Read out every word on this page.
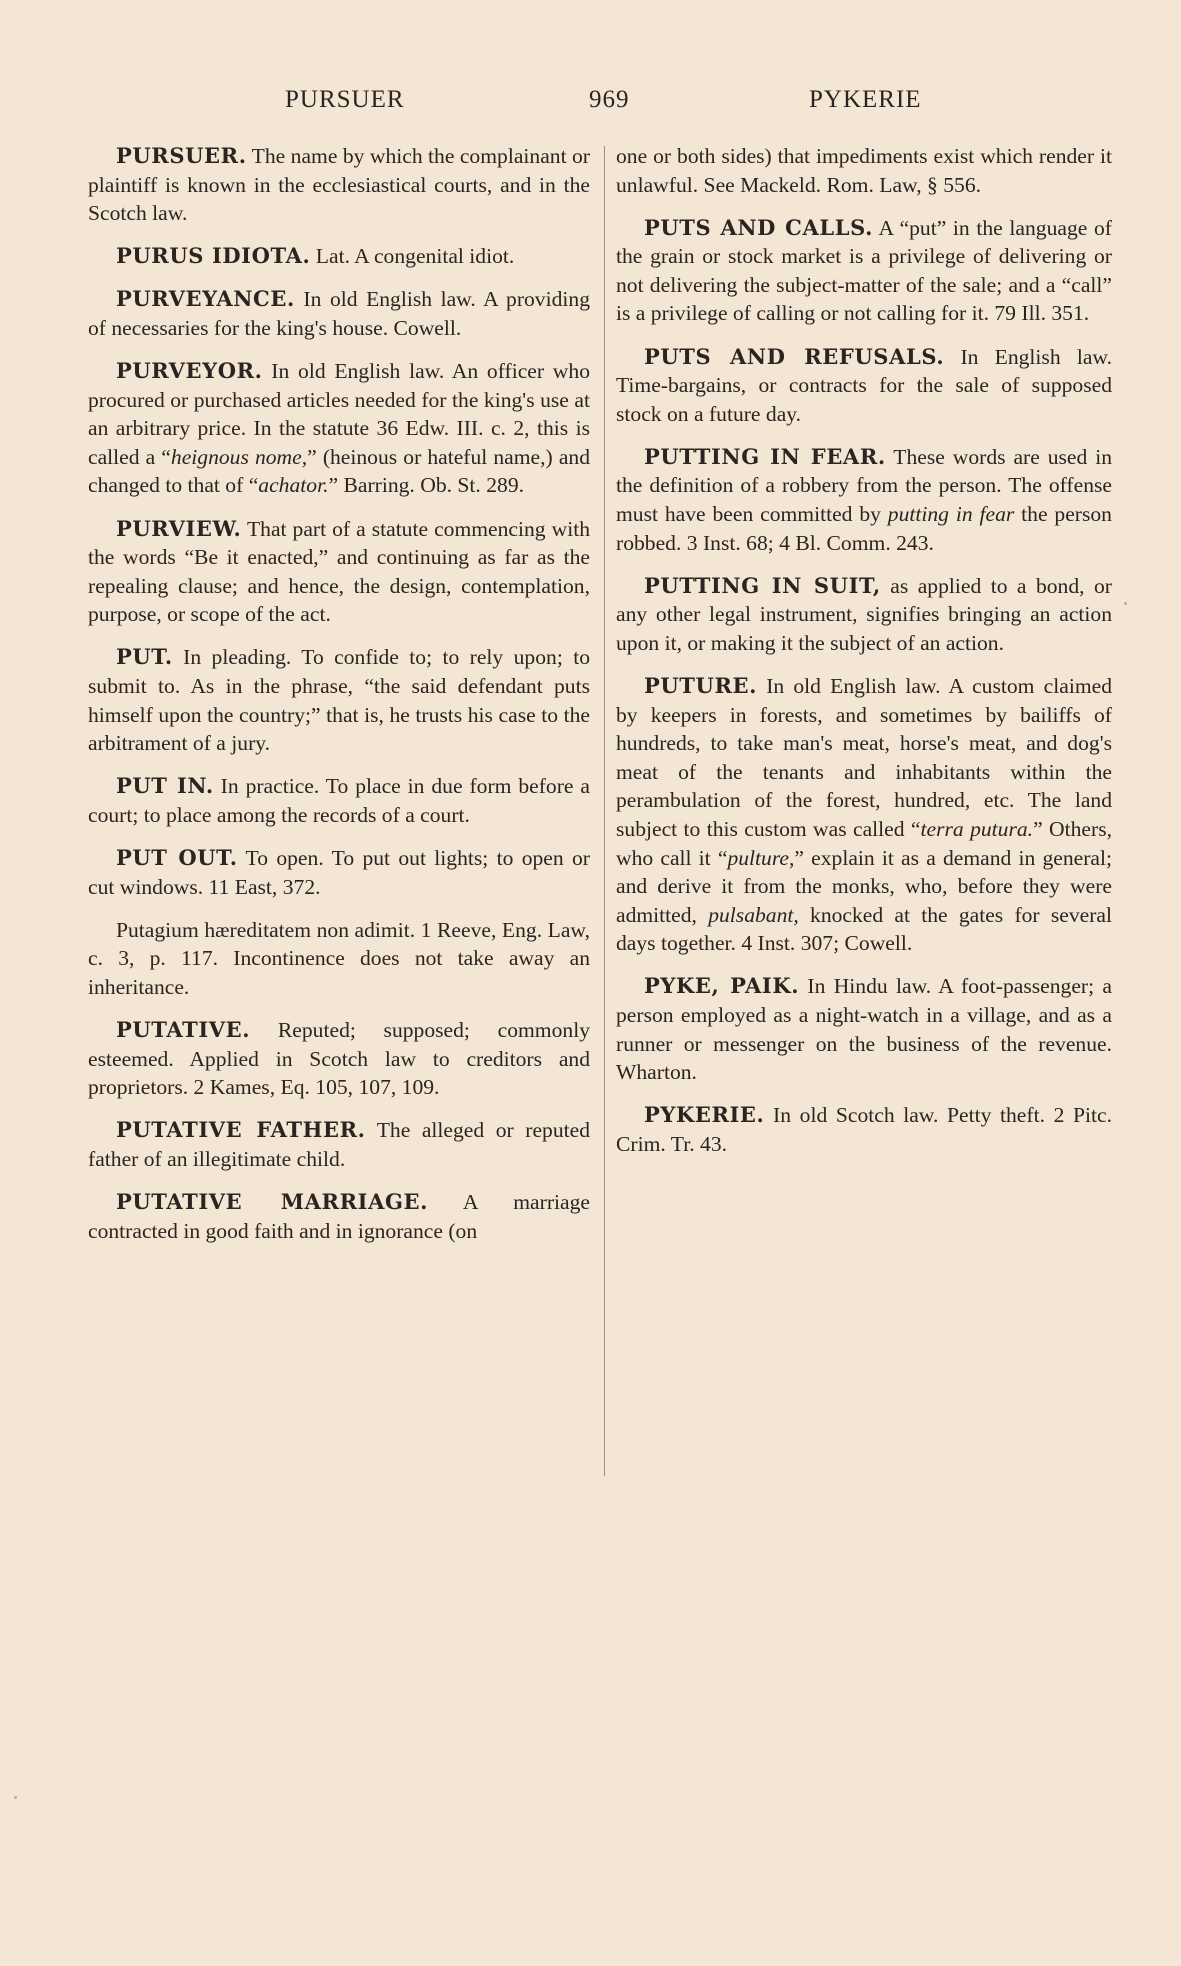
PURSUER	969	PYKERIE

PURSUER. The name by which the complainant or plaintiff is known in the ecclesiastical courts, and in the Scotch law.

PURUS IDIOTA. Lat. A congenital idiot.

PURVEYANCE. In old English law. A providing of necessaries for the king's house. Cowell.

PURVEYOR. In old English law. An officer who procured or purchased articles needed for the king's use at an arbitrary price. In the statute 36 Edw. III. c. 2, this is called a “heignous nome,” (heinous or hateful name,) and changed to that of “achator.” Barring. Ob. St. 289.

PURVIEW. That part of a statute commencing with the words “Be it enacted,” and continuing as far as the repealing clause; and hence, the design, contemplation, purpose, or scope of the act.

PUT. In pleading. To confide to; to rely upon; to submit to. As in the phrase, “the said defendant puts himself upon the country;” that is, he trusts his case to the arbitrament of a jury.

PUT IN. In practice. To place in due form before a court; to place among the records of a court.

PUT OUT. To open. To put out lights; to open or cut windows. 11 East, 372.

Putagium hæreditatem non adimit. 1 Reeve, Eng. Law, c. 3, p. 117. Incontinence does not take away an inheritance.

PUTATIVE. Reputed; supposed; commonly esteemed. Applied in Scotch law to creditors and proprietors. 2 Kames, Eq. 105, 107, 109.

PUTATIVE FATHER. The alleged or reputed father of an illegitimate child.

PUTATIVE MARRIAGE. A marriage contracted in good faith and in ignorance (on

one or both sides) that impediments exist which render it unlawful. See Mackeld. Rom. Law, § 556.

PUTS AND CALLS. A “put” in the language of the grain or stock market is a privilege of delivering or not delivering the subject-matter of the sale; and a “call” is a privilege of calling or not calling for it. 79 Ill. 351.

PUTS AND REFUSALS. In English law. Time-bargains, or contracts for the sale of supposed stock on a future day.

PUTTING IN FEAR. These words are used in the definition of a robbery from the person. The offense must have been committed by putting in fear the person robbed. 3 Inst. 68; 4 Bl. Comm. 243.

PUTTING IN SUIT, as applied to a bond, or any other legal instrument, signifies bringing an action upon it, or making it the subject of an action.

PUTURE. In old English law. A custom claimed by keepers in forests, and sometimes by bailiffs of hundreds, to take man's meat, horse's meat, and dog's meat of the tenants and inhabitants within the perambulation of the forest, hundred, etc. The land subject to this custom was called “terra putura.” Others, who call it “pulture,” explain it as a demand in general; and derive it from the monks, who, before they were admitted, pulsabant, knocked at the gates for several days together. 4 Inst. 307; Cowell.

PYKE, PAIK. In Hindu law. A foot-passenger; a person employed as a night-watch in a village, and as a runner or messenger on the business of the revenue. Wharton.

PYKERIE. In old Scotch law. Petty theft. 2 Pitc. Crim. Tr. 43.
